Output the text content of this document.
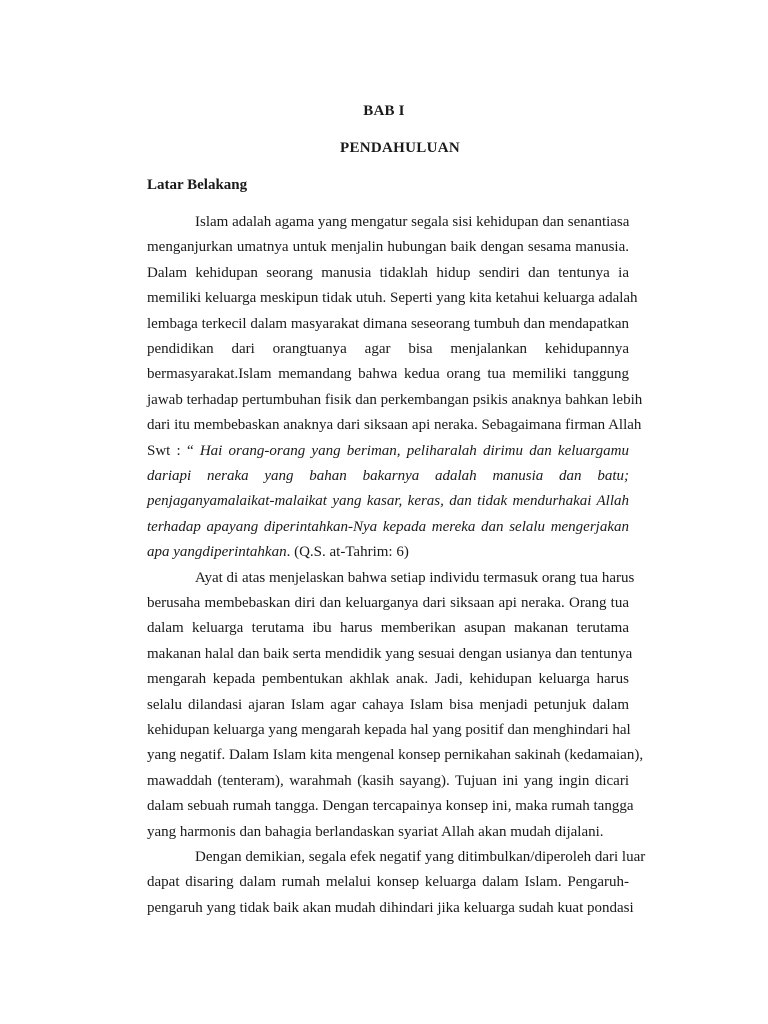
BAB I
PENDAHULUAN
Latar Belakang
Islam adalah agama yang mengatur segala sisi kehidupan dan senantiasa
menganjurkan umatnya untuk menjalin hubungan baik dengan sesama manusia.
Dalam kehidupan seorang manusia tidaklah hidup sendiri dan tentunya ia
memiliki keluarga meskipun tidak utuh. Seperti yang kita ketahui keluarga adalah
lembaga terkecil dalam masyarakat dimana seseorang tumbuh dan mendapatkan
pendidikan dari orangtuanya agar bisa menjalankan kehidupannya
bermasyarakat.Islam memandang bahwa kedua orang tua memiliki tanggung
jawab terhadap pertumbuhan fisik dan perkembangan psikis anaknya bahkan lebih
dari itu membebaskan anaknya dari siksaan api neraka. Sebagaimana firman Allah
Swt : “ Hai orang-orang yang beriman, peliharalah dirimu dan keluargamu
dariapi neraka yang bahan bakarnya adalah manusia dan batu;
penjaganyamalaikat-malaikat yang kasar, keras, dan tidak mendurhakai Allah
terhadap apayang diperintahkan-Nya kepada mereka dan selalu mengerjakan
apa yangdiperintahkan. (Q.S. at-Tahrim: 6)
Ayat di atas menjelaskan bahwa setiap individu termasuk orang tua harus
berusaha membebaskan diri dan keluarganya dari siksaan api neraka. Orang tua
dalam keluarga terutama ibu harus memberikan asupan makanan terutama
makanan halal dan baik serta mendidik yang sesuai dengan usianya dan tentunya
mengarah kepada pembentukan akhlak anak. Jadi, kehidupan keluarga harus
selalu dilandasi ajaran Islam agar cahaya Islam bisa menjadi petunjuk dalam
kehidupan keluarga yang mengarah kepada hal yang positif dan menghindari hal
yang negatif. Dalam Islam kita mengenal konsep pernikahan sakinah (kedamaian),
mawaddah (tenteram), warahmah (kasih sayang). Tujuan ini yang ingin dicari
dalam sebuah rumah tangga. Dengan tercapainya konsep ini, maka rumah tangga
yang harmonis dan bahagia berlandaskan syariat Allah akan mudah dijalani.
Dengan demikian, segala efek negatif yang ditimbulkan/diperoleh dari luar
dapat disaring dalam rumah melalui konsep keluarga dalam Islam. Pengaruh-
pengaruh yang tidak baik akan mudah dihindari jika keluarga sudah kuat pondasi
